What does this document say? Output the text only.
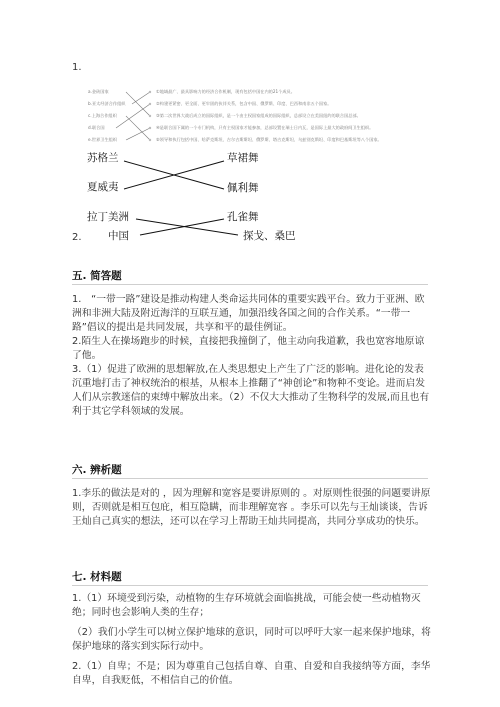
1.
a.金砖国家
b.亚太经济合作组织
c.上海合作组织
d.联合国
e.世界卫生组织
①地域最广、最具影响力的经济合作机制，现有包括中国在内的21个成员。
②构建更紧密、更全面、更牢固的伙伴关系，包含中国、俄罗斯、印度、巴西和南非五个国家。
③第二次世界大战后成立的国际组织，是一个由主权国家组成的国际组织，总部设立在美国纽约的联合国总部。
④是联合国下属的一个专门机构，只有主权国家才能参加，总部设置在瑞士日内瓦，是国际上最大的政府间卫生组织。
⑤领导和执行包括中国、哈萨克斯坦、吉尔吉斯斯坦、俄罗斯、塔吉克斯坦、乌兹别克斯坦、印度和巴基斯坦等八个国家。
苏格兰
夏威夷
拉丁美洲
中国
草裙舞
佩利舞
孔雀舞
探戈、桑巴
2.
五. 简答题

1.　“一带一路”建设是推动构建人类命运共同体的重要实践平台。致力于亚洲、欧洲和非洲大陆及附近海洋的互联互通，加强沿线各国之间的合作关系。“一带一路”倡议的提出是共同发展，共享和平的最佳例证。

2.陌生人在操场跑步的时候，直接把我撞倒了，他主动向我道歉，我也宽容地原谅了他。

3.（1）促进了欧洲的思想解放,在人类思想史上产生了广泛的影响。进化论的发表沉重地打击了神权统治的根基，从根本上推翻了“神创论”和物种不变论。进而启发人们从宗教迷信的束缚中解放出来。（2）不仅大大推动了生物科学的发展,而且也有利于其它学科领域的发展。

六. 辨析题

1.李乐的做法是对的 ，因为理解和宽容是要讲原则的 。对原则性很强的问题要讲原则，否则就是相互包庇，相互隐瞒，而非理解宽容 。李乐可以先与王灿谈谈，告诉王灿自己真实的想法，还可以在学习上帮助王灿共同提高，共同分享成功的快乐。

七. 材料题

1.（1）环境受到污染，动植物的生存环境就会面临挑战，可能会使一些动植物灭绝；同时也会影响人类的生存；

（2）我们小学生可以树立保护地球的意识，同时可以呼吁大家一起来保护地球，将保护地球的落实到实际行动中。

2.（1）自卑；不是；因为尊重自己包括自尊、自重、自爱和自我接纳等方面，李华自卑，自我贬低，不相信自己的价值。
